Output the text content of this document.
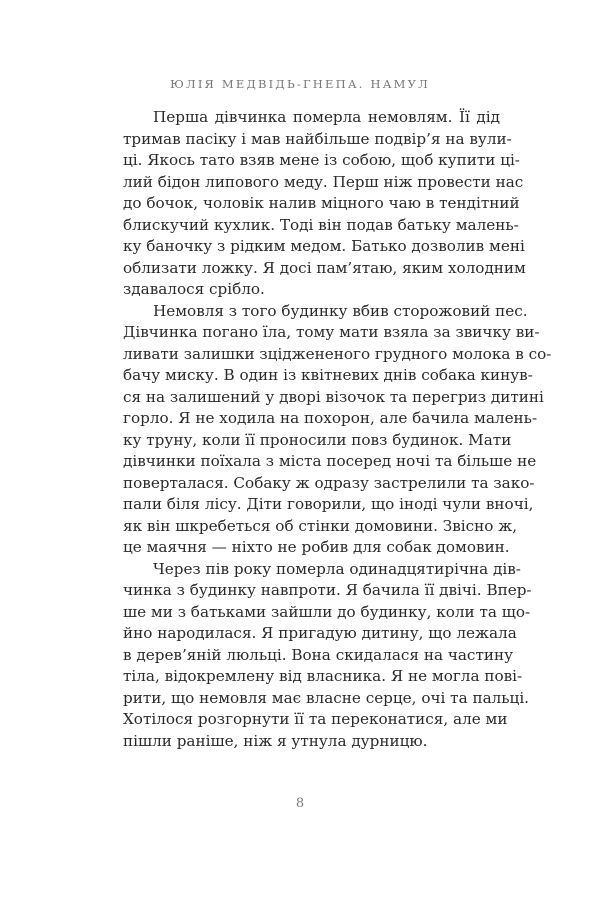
ЮЛІЯ МЕДВІДЬ-ГНЕПА. НАМУЛ
Перша дівчинка померла немовлям. Її дід
тримав пасіку і мав найбільше подвір’я на вули-
ці. Якось тато взяв мене із собою, щоб купити ці-
лий бідон липового меду. Перш ніж провести нас
до бочок, чоловік налив міцного чаю в тендітний
блискучий кухлик. Тоді він подав батьку малень-
ку баночку з рідким медом. Батько дозволив мені
облизати ложку. Я досі пам’ятаю, яким холодним
здавалося срібло.
Немовля з того будинку вбив сторожовий пес.
Дівчинка погано їла, тому мати взяла за звичку ви-
ливати залишки зціджененого грудного молока в со-
бачу миску. В один із квітневих днів собака кинув-
ся на залишений у дворі візочок та перегриз дитині
горло. Я не ходила на похорон, але бачила малень-
ку труну, коли її проносили повз будинок. Мати
дівчинки поїхала з міста посеред ночі та більше не
поверталася. Собаку ж одразу застрелили та зако-
пали біля лісу. Діти говорили, що іноді чули вночі,
як він шкребеться об стінки домовини. Звісно ж,
це маячня — ніхто не робив для собак домовин.
Через пів року померла одинадцятирічна дів-
чинка з будинку навпроти. Я бачила її двічі. Впер-
ше ми з батьками зайшли до будинку, коли та що-
йно народилася. Я пригадую дитину, що лежала
в дерев’яній люльці. Вона скидалася на частину
тіла, відокремлену від власника. Я не могла пові-
рити, що немовля має власне серце, очі та пальці.
Хотілося розгорнути її та переконатися, але ми
пішли раніше, ніж я утнула дурницю.
8
